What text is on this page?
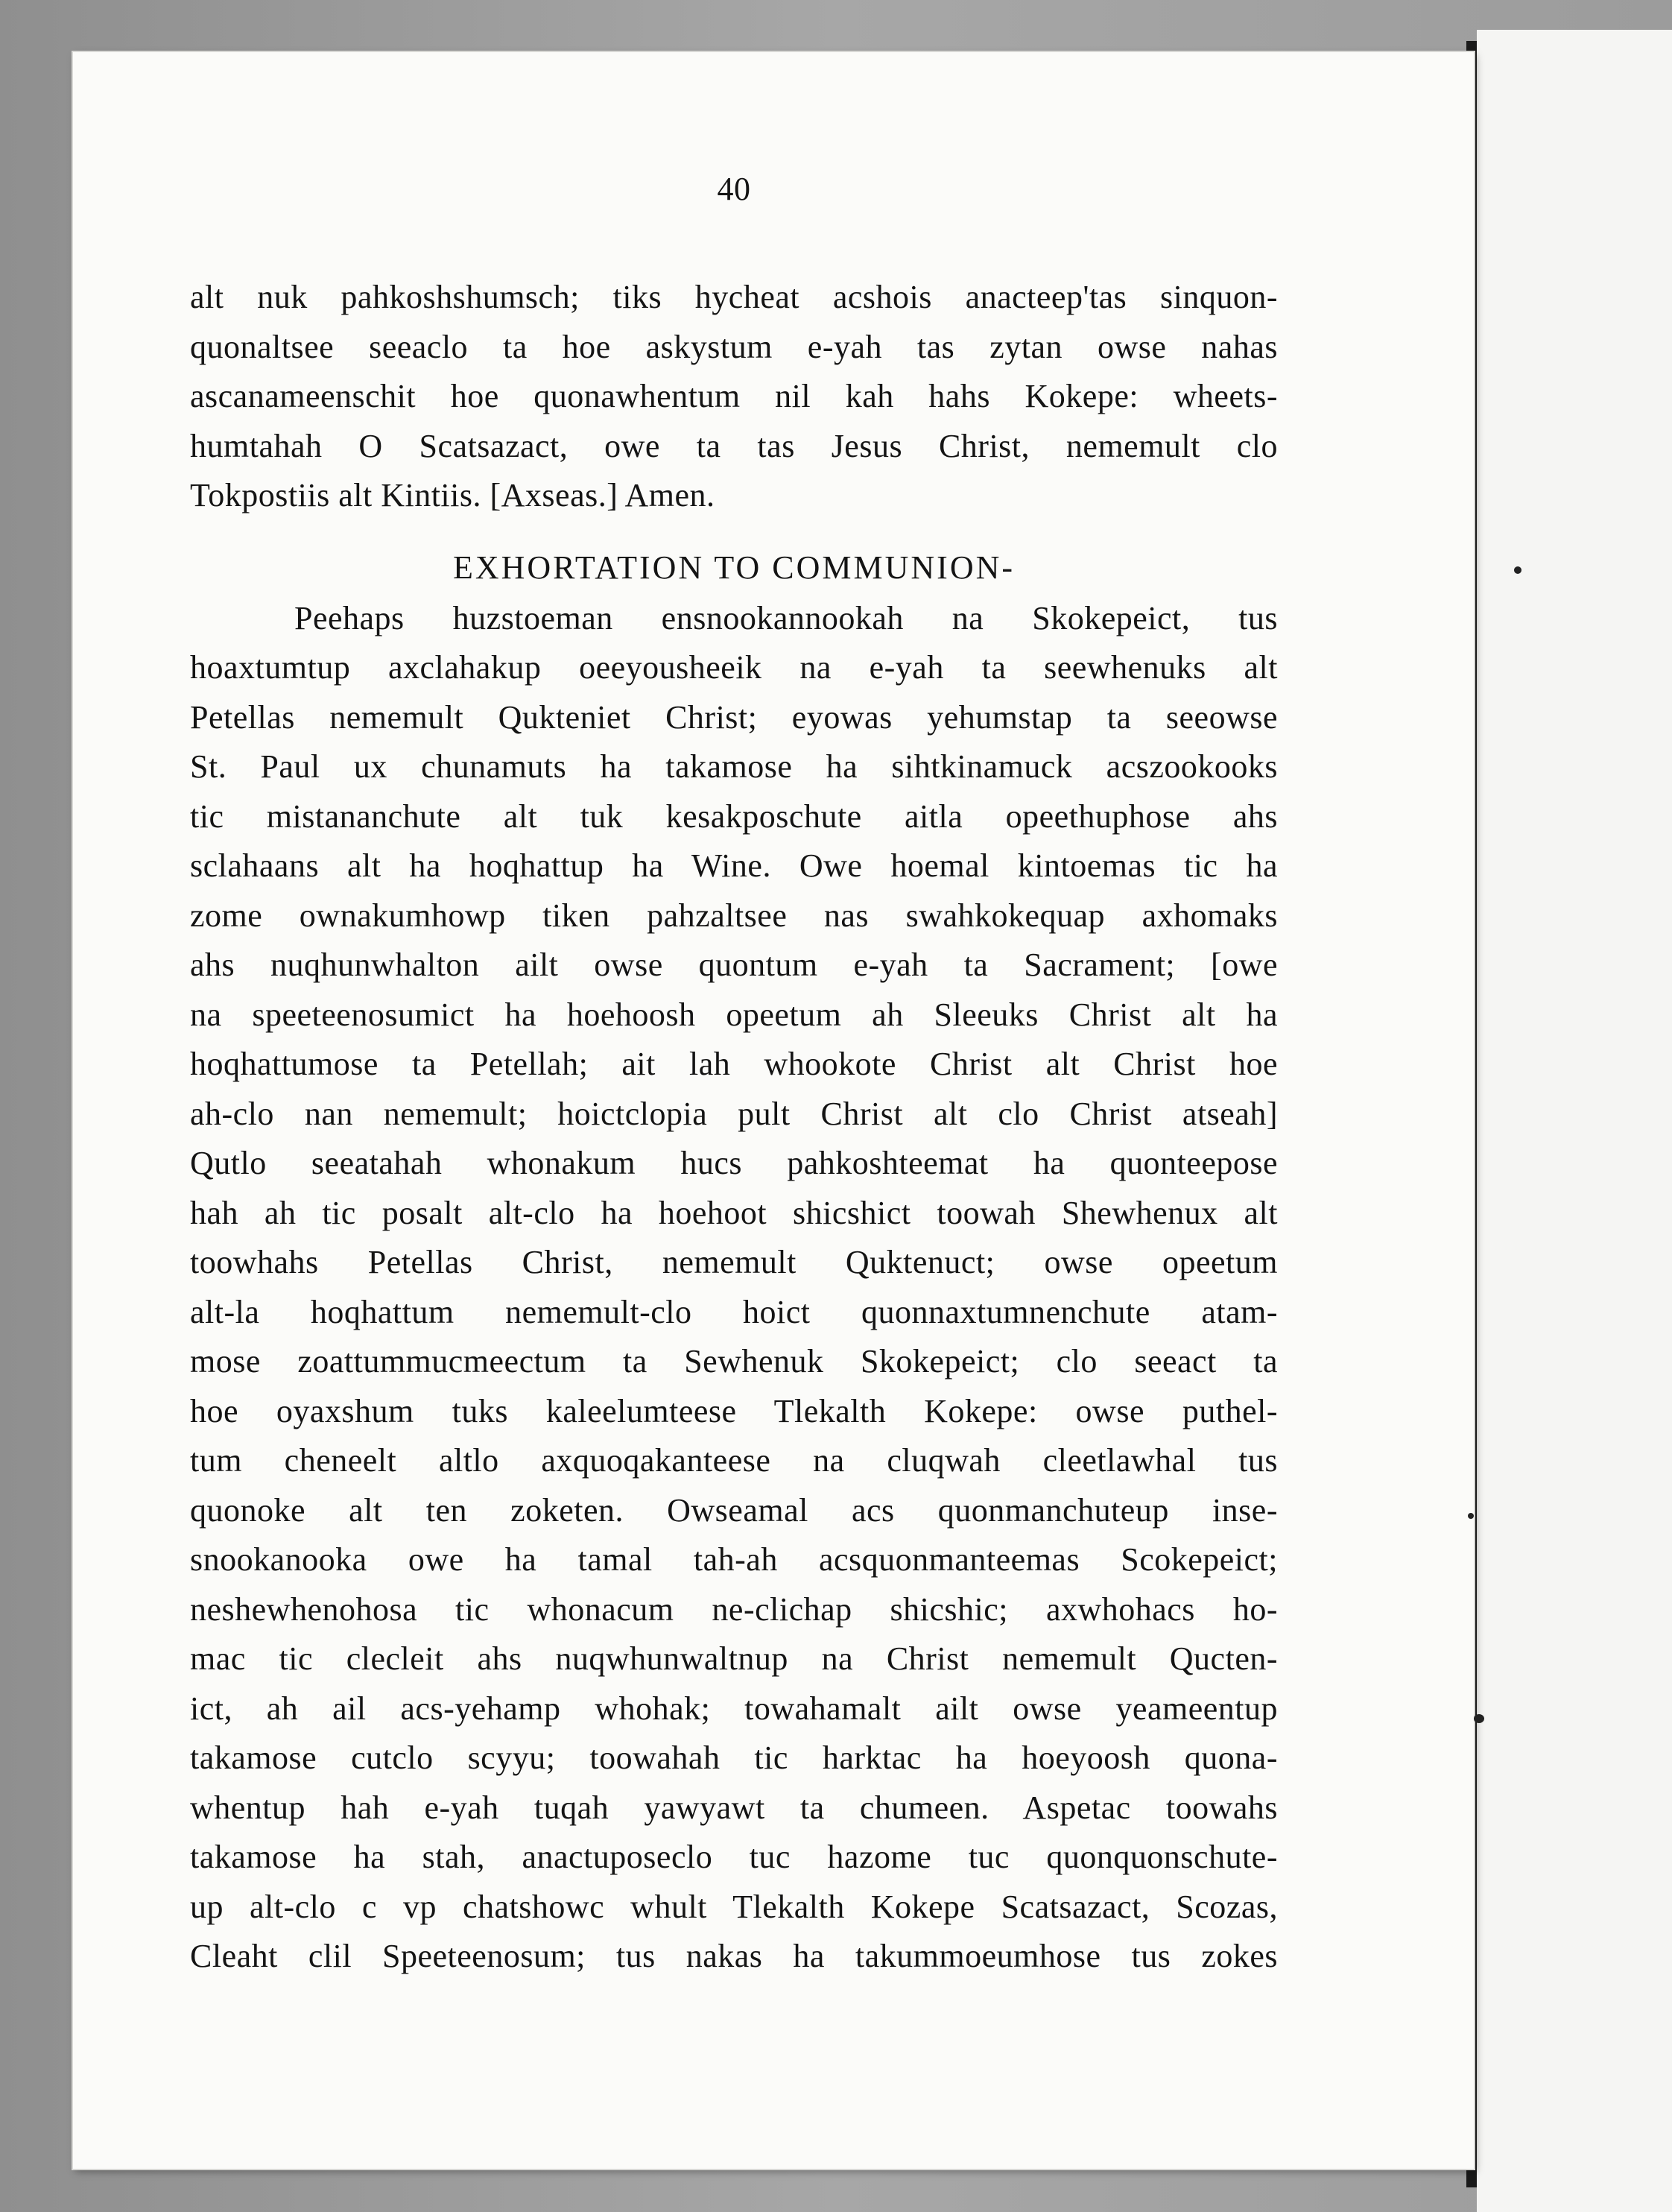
40
alt nuk pahkoshshumsch; tiks hycheat acshois anacteep'tas sinquon-
quonaltsee seeaclo ta hoe askystum e-yah tas zytan owse nahas
ascanameenschit hoe quonawhentum nil kah hahs Kokepe: wheets-
humtahah O Scatsazact, owe ta tas Jesus Christ, nememult clo
Tokpostiis alt Kintiis. [Axseas.] Amen.
EXHORTATION TO COMMUNION-
Peehaps huzstoeman ensnookannookah na Skokepeict, tus
hoaxtumtup axclahakup oeeyousheeik na e-yah ta seewhenuks alt
Petellas nememult Qukteniet Christ; eyowas yehumstap ta seeowse
St. Paul ux chunamuts ha takamose ha sihtkinamuck acszookooks
tic mistananchute alt tuk kesakposchute aitla opeethuphose ahs
sclahaans alt ha hoqhattup ha Wine. Owe hoemal kintoemas tic ha
zome ownakumhowp tiken pahzaltsee nas swahkokequap axhomaks
ahs nuqhunwhalton ailt owse quontum e-yah ta Sacrament; [owe
na speeteenosumict ha hoehoosh opeetum ah Sleeuks Christ alt ha
hoqhattumose ta Petellah; ait lah whookote Christ alt Christ hoe
ah-clo nan nememult; hoictclopia pult Christ alt clo Christ atseah]
Qutlo seeatahah whonakum hucs pahkoshteemat ha quonteepose
hah ah tic posalt alt-clo ha hoehoot shicshict toowah Shewhenux alt
toowhahs Petellas Christ, nememult Quktenuct; owse opeetum
alt-la hoqhattum nememult-clo hoict quonnaxtumnenchute atam-
mose zoattummucmeectum ta Sewhenuk Skokepeict; clo seeact ta
hoe oyaxshum tuks kaleelumteese Tlekalth Kokepe: owse puthel-
tum cheneelt altlo axquoqakanteese na cluqwah cleetlawhal tus
quonoke alt ten zoketen. Owseamal acs quonmanchuteup inse-
snookanooka owe ha tamal tah-ah acsquonmanteemas Scokepeict;
neshewhenohosa tic whonacum ne-clichap shicshic; axwhohacs ho-
mac tic clecleit ahs nuqwhunwaltnup na Christ nememult Qucten-
ict, ah ail acs-yehamp whohak; towahamalt ailt owse yeameentup
takamose cutclo scyyu; toowahah tic harktac ha hoeyoosh quona-
whentup hah e-yah tuqah yawyawt ta chumeen. Aspetac toowahs
takamose ha stah, anactuposeclo tuc hazome tuc quonquonschute-
up alt-clo c vp chatshowc whult Tlekalth Kokepe Scatsazact, Scozas,
Cleaht clil Speeteenosum; tus nakas ha takummoeumhose tus zokes
